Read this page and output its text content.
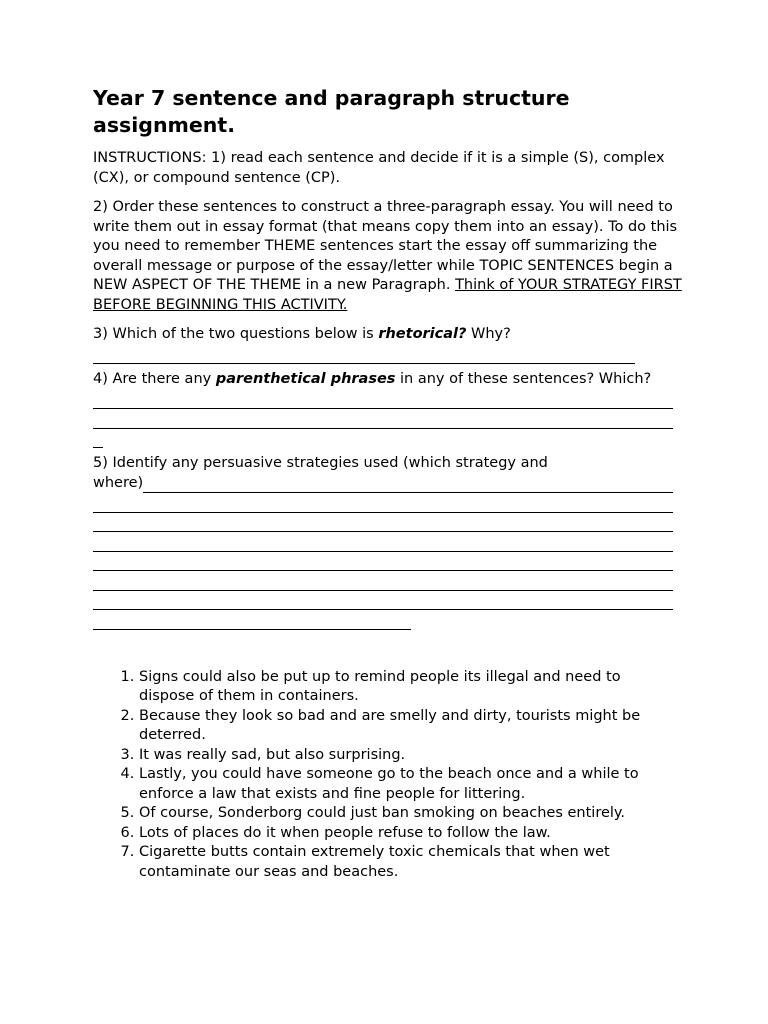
Year 7 sentence and paragraph structure assignment.

INSTRUCTIONS: 1) read each sentence and decide if it is a simple (S), complex (CX), or compound sentence (CP).

2) Order these sentences to construct a three-paragraph essay. You will need to write them out in essay format (that means copy them into an essay). To do this you need to remember THEME sentences start the essay off summarizing the overall message or purpose of the essay/letter while TOPIC SENTENCES begin a NEW ASPECT OF THE THEME in a new Paragraph. Think of YOUR STRATEGY FIRST BEFORE BEGINNING THIS ACTIVITY.

3) Which of the two questions below is rhetorical? Why?
4) Are there any parenthetical phrases in any of these sentences? Which?
5) Identify any persuasive strategies used (which strategy and
where)
1. Signs could also be put up to remind people its illegal and need to dispose of them in containers.
2. Because they look so bad and are smelly and dirty, tourists might be deterred.
3. It was really sad, but also surprising.
4. Lastly, you could have someone go to the beach once and a while to enforce a law that exists and fine people for littering.
5. Of course, Sonderborg could just ban smoking on beaches entirely.
6. Lots of places do it when people refuse to follow the law.
7. Cigarette butts contain extremely toxic chemicals that when wet contaminate our seas and beaches.
